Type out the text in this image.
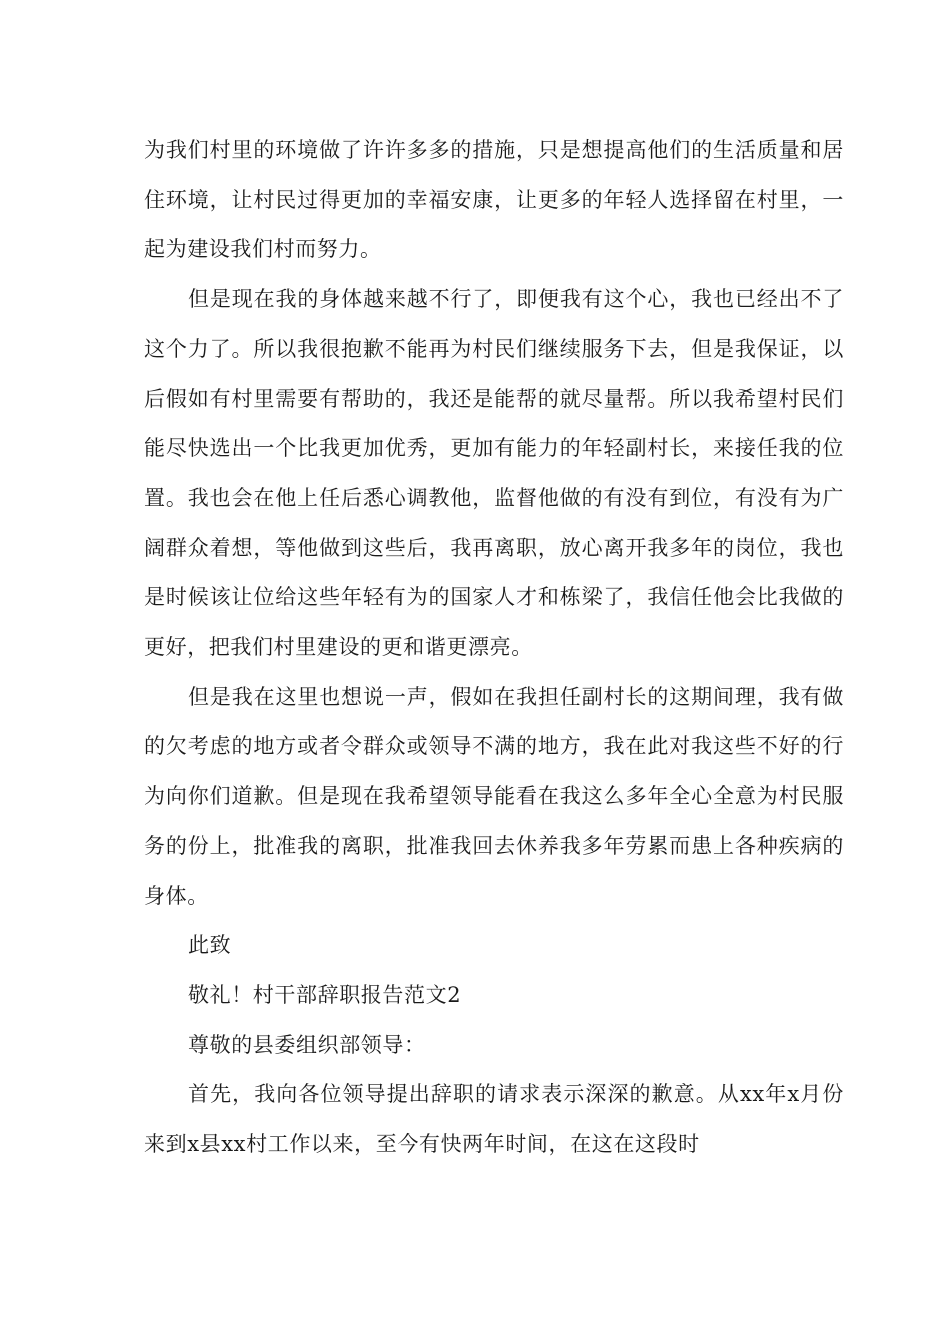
为我们村里的环境做了许许多多的措施，只是想提高他们的生活质量和居住环境，让村民过得更加的幸福安康，让更多的年轻人选择留在村里，一起为建设我们村而努力。

但是现在我的身体越来越不行了，即便我有这个心，我也已经出不了这个力了。所以我很抱歉不能再为村民们继续服务下去，但是我保证，以后假如有村里需要有帮助的，我还是能帮的就尽量帮。所以我希望村民们能尽快选出一个比我更加优秀，更加有能力的年轻副村长，来接任我的位置。我也会在他上任后悉心调教他，监督他做的有没有到位，有没有为广阔群众着想，等他做到这些后，我再离职，放心离开我多年的岗位，我也是时候该让位给这些年轻有为的国家人才和栋梁了，我信任他会比我做的更好，把我们村里建设的更和谐更漂亮。

但是我在这里也想说一声，假如在我担任副村长的这期间理，我有做的欠考虑的地方或者令群众或领导不满的地方，我在此对我这些不好的行为向你们道歉。但是现在我希望领导能看在我这么多年全心全意为村民服务的份上，批准我的离职，批准我回去休养我多年劳累而患上各种疾病的身体。

此致

敬礼！村干部辞职报告范文2

尊敬的县委组织部领导：

首先，我向各位领导提出辞职的请求表示深深的歉意。从xx年x月份来到x县xx村工作以来，至今有快两年时间，在这在这段时
